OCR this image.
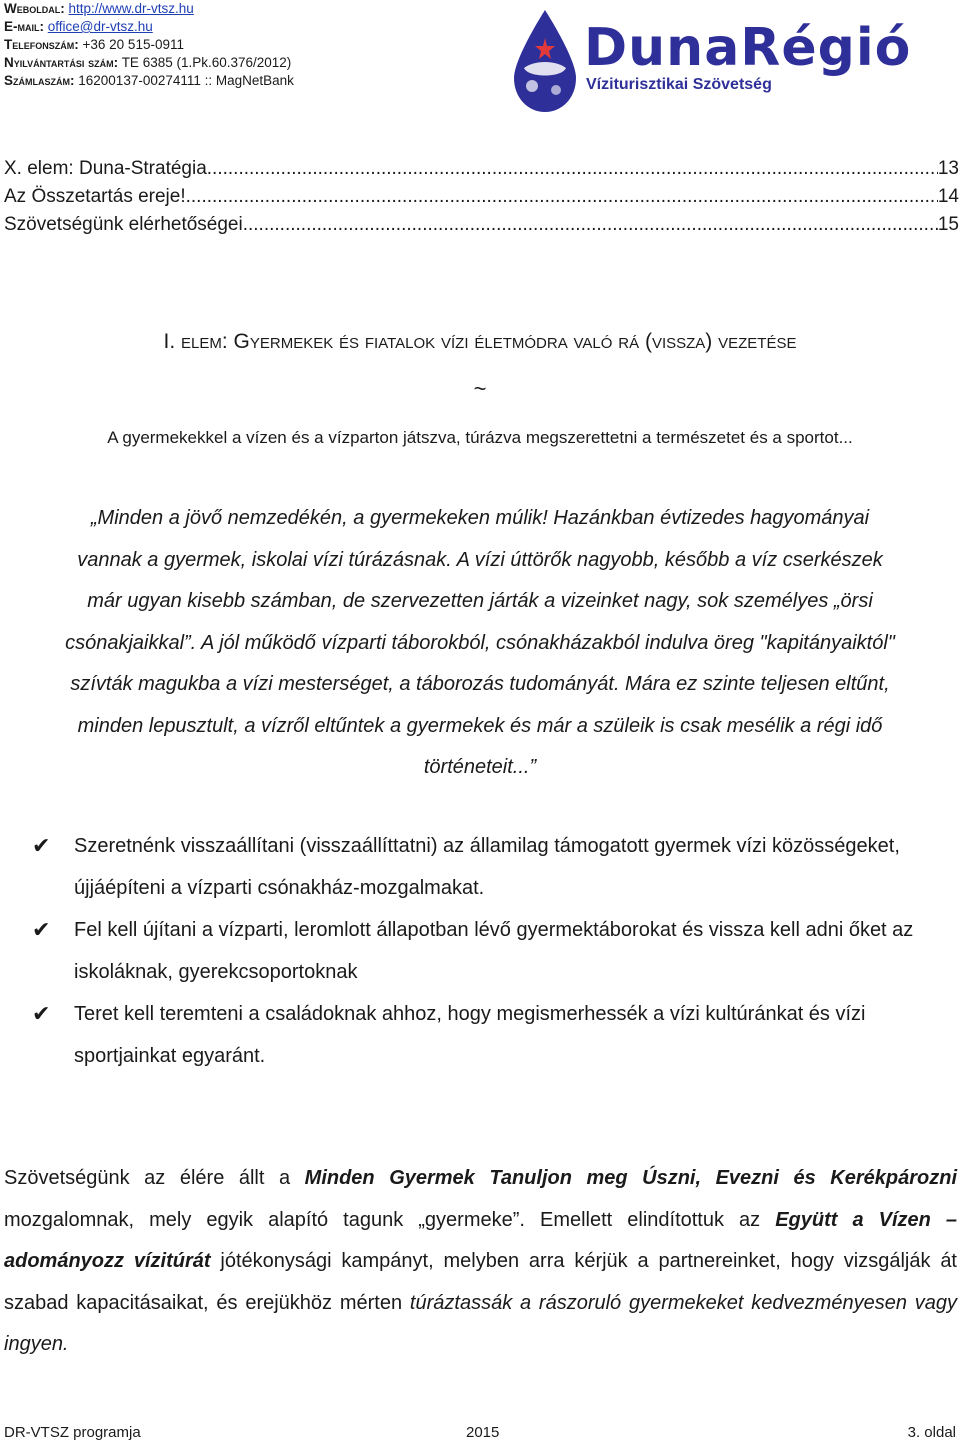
Weboldal: http://www.dr-vtsz.hu
E-mail: office@dr-vtsz.hu
Telefonszám: +36 20 515-0911
Nyilvántartási szám: TE 6385 (1.Pk.60.376/2012)
Számlaszám: 16200137-00274111 :: MagNetBank
DunaRégió
Víziturisztikai Szövetség
X. elem: Duna-Stratégia .....	13
Az Összetartás ereje! .....	14
Szövetségünk elérhetőségei .....	15
I. elem: Gyermekek és fiatalok vízi életmódra való rá (vissza) vezetése
~
A gyermekekkel a vízen és a vízparton játszva, túrázva megszerettetni a természetet és a sportot...
„Minden a jövő nemzedékén, a gyermekeken múlik! Hazánkban évtizedes hagyományai vannak a gyermek, iskolai vízi túrázásnak. A vízi úttörők nagyobb, később a víz cserkészek már ugyan kisebb számban, de szervezetten járták a vizeinket nagy, sok személyes „örsi csónakjaikkal”. A jól működő vízparti táborokból, csónakházakból indulva öreg "kapitányaiktól" szívták magukba a vízi mesterséget, a táborozás tudományát. Mára ez szinte teljesen eltűnt, minden lepusztult, a vízről eltűntek a gyermekek és már a szüleik is csak mesélik a régi idő történeteit...”
✔	Szeretnénk visszaállítani (visszaállíttatni) az államilag támogatott gyermek vízi közösségeket, újjáépíteni a vízparti csónakház-mozgalmakat.
✔	Fel kell újítani a vízparti, leromlott állapotban lévő gyermektáborokat és vissza kell adni őket az iskoláknak, gyerekcsoportoknak
✔	Teret kell teremteni a családoknak ahhoz, hogy megismerhessék a vízi kultúránkat és vízi sportjainkat egyaránt.
Szövetségünk az élére állt a Minden Gyermek Tanuljon meg Úszni, Evezni és Kerékpározni mozgalomnak, mely egyik alapító tagunk „gyermeke”. Emellett elindítottuk az Együtt a Vízen – adományozz vízitúrát jótékonysági kampányt, melyben arra kérjük a partnereinket, hogy vizsgálják át szabad kapacitásaikat, és erejükhöz mérten túráztassák a rászoruló gyermekeket kedvezményesen vagy ingyen.
DR-VTSZ programja	2015	3. oldal
